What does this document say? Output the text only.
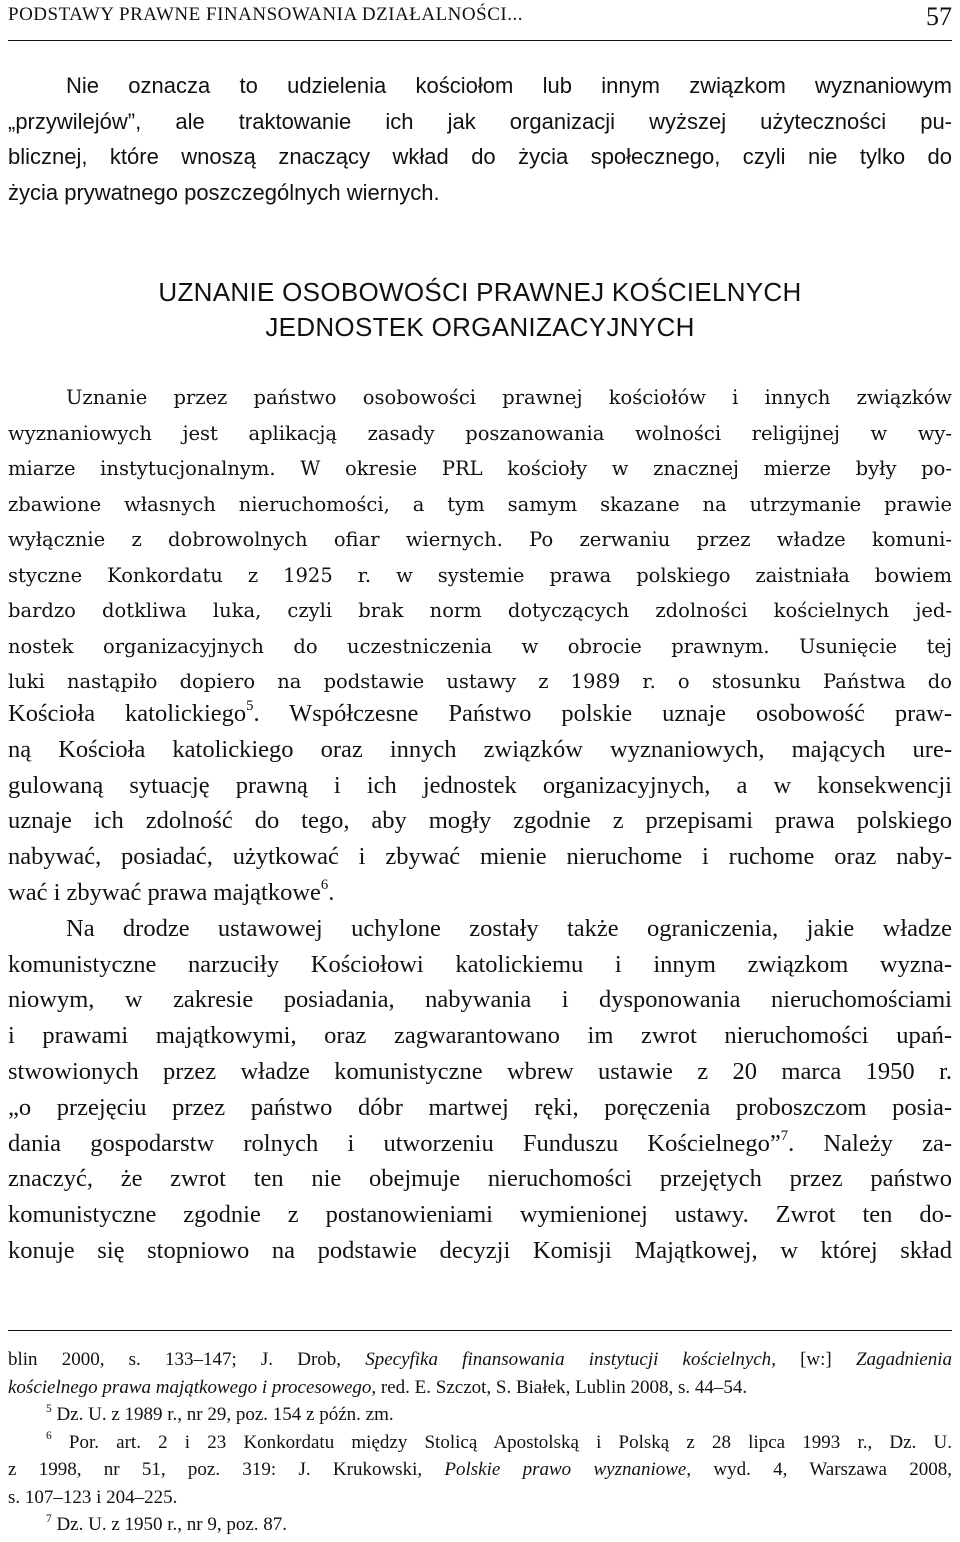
PODSTAWY PRAWNE FINANSOWANIA DZIAŁALNOŚCI...	57
Nie oznacza to udzielenia kościołom lub innym związkom wyznaniowym
„przywilejów”, ale traktowanie ich jak organizacji wyższej użyteczności pu-
blicznej, które wnoszą znaczący wkład do życia społecznego, czyli nie tylko do
życia prywatnego poszczególnych wiernych.
UZNANIE OSOBOWOŚCI PRAWNEJ KOŚCIELNYCH
JEDNOSTEK ORGANIZACYJNYCH
Uznanie przez państwo osobowości prawnej kościołów i innych związków
wyznaniowych jest aplikacją zasady poszanowania wolności religijnej w wy-
miarze instytucjonalnym. W okresie PRL kościoły w znacznej mierze były po-
zbawione własnych nieruchomości, a tym samym skazane na utrzymanie prawie
wyłącznie z dobrowolnych ofiar wiernych. Po zerwaniu przez władze komuni-
styczne Konkordatu z 1925 r. w systemie prawa polskiego zaistniała bowiem
bardzo dotkliwa luka, czyli brak norm dotyczących zdolności kościelnych jed-
nostek organizacyjnych do uczestniczenia w obrocie prawnym. Usunięcie tej
luki nastąpiło dopiero na podstawie ustawy z 1989 r. o stosunku Państwa do
Kościoła katolickiego$^5$. Współczesne Państwo polskie uznaje osobowość praw-
ną Kościoła katolickiego oraz innych związków wyznaniowych, mających ure-
gulowaną sytuację prawną i ich jednostek organizacyjnych, a w konsekwencji
uznaje ich zdolność do tego, aby mogły zgodnie z przepisami prawa polskiego
nabywać, posiadać, użytkować i zbywać mienie nieruchome i ruchome oraz naby-
wać i zbywać prawa majątkowe$^6$.
Na drodze ustawowej uchylone zostały także ograniczenia, jakie władze
komunistyczne narzuciły Kościołowi katolickiemu i innym związkom wyzna-
niowym, w zakresie posiadania, nabywania i dysponowania nieruchomościami
i prawami majątkowymi, oraz zagwarantowano im zwrot nieruchomości upań-
stwowionych przez władze komunistyczne wbrew ustawie z 20 marca 1950 r.
„o przejęciu przez państwo dóbr martwej ręki, poręczenia proboszczom posia-
dania gospodarstw rolnych i utworzeniu Funduszu Kościelnego”$^7$. Należy za-
znaczyć, że zwrot ten nie obejmuje nieruchomości przejętych przez państwo
komunistyczne zgodnie z postanowieniami wymienionej ustawy. Zwrot ten do-
konuje się stopniowo na podstawie decyzji Komisji Majątkowej, w której skład
blin 2000, s. 133–147; J. Drob, Specyfika finansowania instytucji kościelnych, [w:] Zagadnienia
kościelnego prawa majątkowego i procesowego, red. E. Szczot, S. Białek, Lublin 2008, s. 44–54.
$^5$ Dz. U. z 1989 r., nr 29, poz. 154 z późn. zm.
$^6$ Por. art. 2 i 23 Konkordatu między Stolicą Apostolską i Polską z 28 lipca 1993 r., Dz. U.
z 1998, nr 51, poz. 319: J. Krukowski, Polskie prawo wyznaniowe, wyd. 4, Warszawa 2008,
s. 107–123 i 204–225.
$^7$ Dz. U. z 1950 r., nr 9, poz. 87.
